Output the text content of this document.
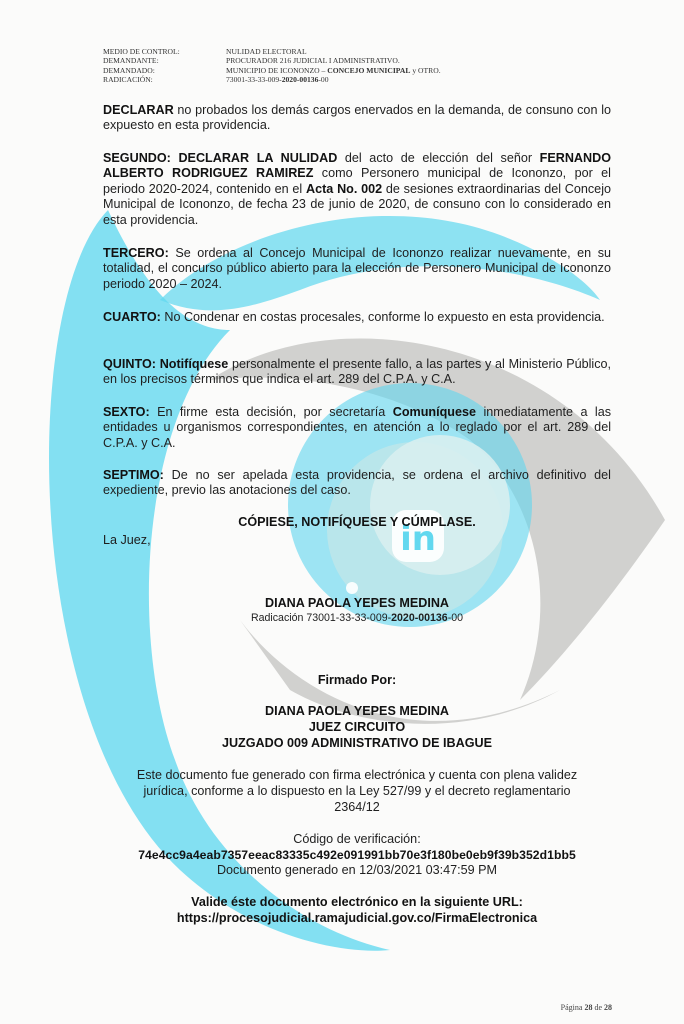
in
MEDIO DE CONTROL:	NULIDAD ELECTORAL
DEMANDANTE:	PROCURADOR 216 JUDICIAL I ADMINISTRATIVO.
DEMANDADO:	MUNICIPIO DE ICONONZO – CONCEJO MUNICIPAL y OTRO.
RADICACIÓN:	73001-33-33-009-2020-00136-00
DECLARAR no probados los demás cargos enervados en la demanda, de consuno con lo expuesto en esta providencia.
SEGUNDO: DECLARAR LA NULIDAD del acto de elección del señor FERNANDO ALBERTO RODRIGUEZ RAMIREZ como Personero municipal de Icononzo, por el periodo 2020-2024, contenido en el Acta No. 002 de sesiones extraordinarias del Concejo Municipal de Icononzo, de fecha 23 de junio de 2020, de consuno con lo considerado en esta providencia.
TERCERO: Se ordena al Concejo Municipal de Icononzo realizar nuevamente, en su totalidad, el concurso público abierto para la elección de Personero Municipal de Icononzo periodo 2020 – 2024.
CUARTO: No Condenar en costas procesales, conforme lo expuesto en esta providencia.
QUINTO: Notifíquese personalmente el presente fallo, a las partes y al Ministerio Público, en los precisos términos que indica el art. 289 del C.P.A. y C.A.
SEXTO: En firme esta decisión, por secretaría Comuníquese inmediatamente a las entidades u organismos correspondientes, en atención a lo reglado por el art. 289 del C.P.A. y C.A.
SEPTIMO: De no ser apelada esta providencia, se ordena el archivo definitivo del expediente, previo las anotaciones del caso.
CÓPIESE, NOTIFÍQUESE Y CÚMPLASE.
La Juez,
DIANA PAOLA YEPES MEDINA
Radicación 73001-33-33-009-2020-00136-00
Firmado Por:
DIANA PAOLA YEPES MEDINA
JUEZ CIRCUITO
JUZGADO 009 ADMINISTRATIVO DE IBAGUE
Este documento fue generado con firma electrónica y cuenta con plena validez
jurídica, conforme a lo dispuesto en la Ley 527/99 y el decreto reglamentario
2364/12
Código de verificación:
74e4cc9a4eab7357eeac83335c492e091991bb70e3f180be0eb9f39b352d1bb5
Documento generado en 12/03/2021 03:47:59 PM
Valide éste documento electrónico en la siguiente URL:
https://procesojudicial.ramajudicial.gov.co/FirmaElectronica
Página 28 de 28
